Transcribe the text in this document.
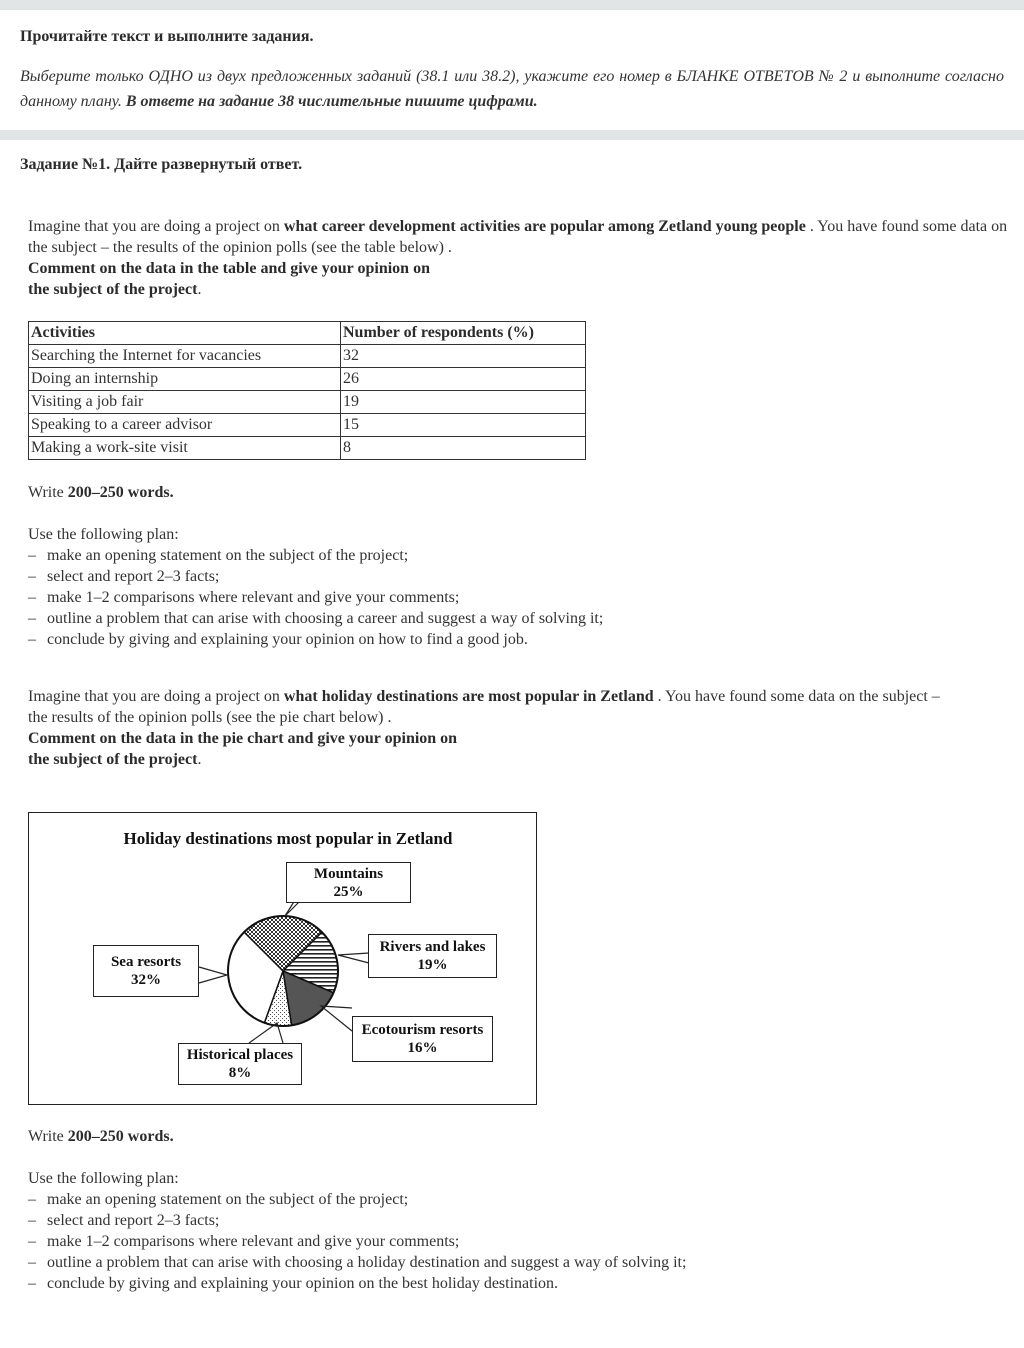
Прочитайте текст и выполните задания.
Выберите только ОДНО из двух предложенных заданий (38.1 или 38.2), укажите его номер в БЛАНКЕ ОТВЕТОВ № 2 и выполните согласно данному плану. В ответе на задание 38 числительные пишите цифрами.
Задание №1. Дайте развернутый ответ.
Imagine that you are doing a project on what career development activities are popular among Zetland young people . You have found some data on the subject – the results of the opinion polls (see the table below) .
Comment on the data in the table and give your opinion on
the subject of the project.
Activities	Number of respondents (%)
Searching the Internet for vacancies	32
Doing an internship	26
Visiting a job fair	19
Speaking to a career advisor	15
Making a work-site visit	8
Write 200–250 words.
Use the following plan:
– make an opening statement on the subject of the project;
– select and report 2–3 facts;
– make 1–2 comparisons where relevant and give your comments;
– outline a problem that can arise with choosing a career and suggest a way of solving it;
– conclude by giving and explaining your opinion on how to find a good job.
Imagine that you are doing a project on what holiday destinations are most popular in Zetland . You have found some data on the subject –
the results of the opinion polls (see the pie chart below) .
Comment on the data in the pie chart and give your opinion on
the subject of the project.
Holiday destinations most popular in Zetland
Mountains
25%
Rivers and lakes
19%
Sea resorts
32%
Ecotourism resorts
16%
Historical places
8%
Write 200–250 words.
Use the following plan:
– make an opening statement on the subject of the project;
– select and report 2–3 facts;
– make 1–2 comparisons where relevant and give your comments;
– outline a problem that can arise with choosing a holiday destination and suggest a way of solving it;
– conclude by giving and explaining your opinion on the best holiday destination.
